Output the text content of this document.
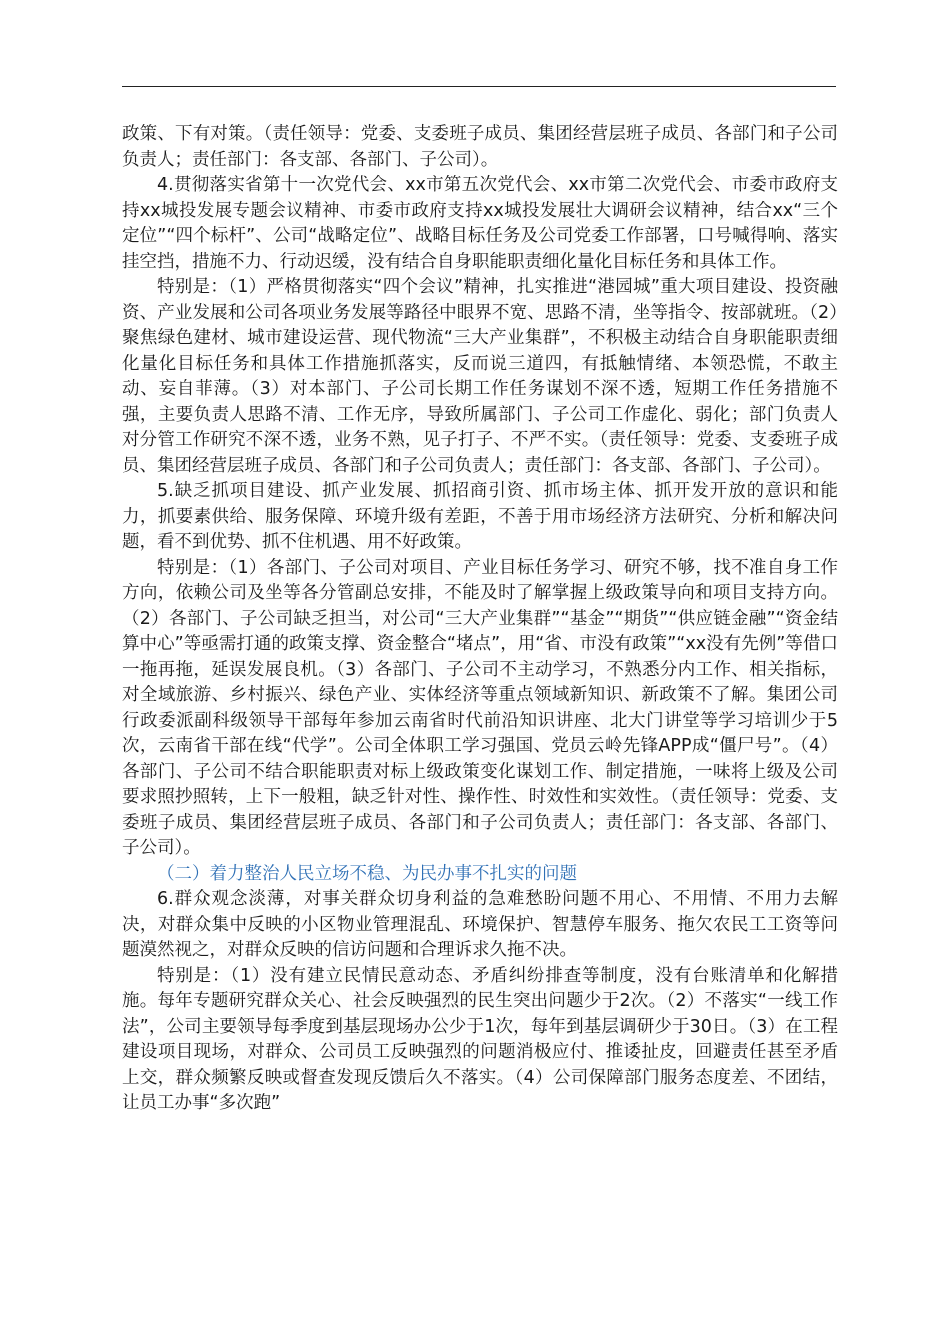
政策、下有对策。（责任领导：党委、支委班子成员、集团经营层班子成员、各部门和子公司负责人；责任部门：各支部、各部门、子公司）。

4.贯彻落实省第十一次党代会、xx市第五次党代会、xx市第二次党代会、市委市政府支持xx城投发展专题会议精神、市委市政府支持xx城投发展壮大调研会议精神，结合xx“三个定位”“四个标杆”、公司“战略定位”、战略目标任务及公司党委工作部署，口号喊得响、落实挂空挡，措施不力、行动迟缓，没有结合自身职能职责细化量化目标任务和具体工作。

特别是：（1）严格贯彻落实“四个会议”精神，扎实推进“港园城”重大项目建设、投资融资、产业发展和公司各项业务发展等路径中眼界不宽、思路不清，坐等指令、按部就班。（2）聚焦绿色建材、城市建设运营、现代物流“三大产业集群”，不积极主动结合自身职能职责细化量化目标任务和具体工作措施抓落实，反而说三道四，有抵触情绪、本领恐慌，不敢主动、妄自菲薄。（3）对本部门、子公司长期工作任务谋划不深不透，短期工作任务措施不强，主要负责人思路不清、工作无序，导致所属部门、子公司工作虚化、弱化；部门负责人对分管工作研究不深不透，业务不熟，见子打子、不严不实。（责任领导：党委、支委班子成员、集团经营层班子成员、各部门和子公司负责人；责任部门：各支部、各部门、子公司）。

5.缺乏抓项目建设、抓产业发展、抓招商引资、抓市场主体、抓开发开放的意识和能力，抓要素供给、服务保障、环境升级有差距，不善于用市场经济方法研究、分析和解决问题，看不到优势、抓不住机遇、用不好政策。

特别是：（1）各部门、子公司对项目、产业目标任务学习、研究不够，找不准自身工作方向，依赖公司及坐等各分管副总安排，不能及时了解掌握上级政策导向和项目支持方向。（2）各部门、子公司缺乏担当，对公司“三大产业集群”“基金”“期货”“供应链金融”“资金结算中心”等亟需打通的政策支撑、资金整合“堵点”，用“省、市没有政策”“xx没有先例”等借口一拖再拖，延误发展良机。（3）各部门、子公司不主动学习，不熟悉分内工作、相关指标，对全域旅游、乡村振兴、绿色产业、实体经济等重点领域新知识、新政策不了解。集团公司行政委派副科级领导干部每年参加云南省时代前沿知识讲座、北大门讲堂等学习培训少于5次，云南省干部在线“代学”。公司全体职工学习强国、党员云岭先锋APP成“僵尸号”。（4）各部门、子公司不结合职能职责对标上级政策变化谋划工作、制定措施，一味将上级及公司要求照抄照转，上下一般粗，缺乏针对性、操作性、时效性和实效性。（责任领导：党委、支委班子成员、集团经营层班子成员、各部门和子公司负责人；责任部门：各支部、各部门、子公司）。

（二）着力整治人民立场不稳、为民办事不扎实的问题

6.群众观念淡薄，对事关群众切身利益的急难愁盼问题不用心、不用情、不用力去解决，对群众集中反映的小区物业管理混乱、环境保护、智慧停车服务、拖欠农民工工资等问题漠然视之，对群众反映的信访问题和合理诉求久拖不决。

特别是：（1）没有建立民情民意动态、矛盾纠纷排查等制度，没有台账清单和化解措施。每年专题研究群众关心、社会反映强烈的民生突出问题少于2次。（2）不落实“一线工作法”，公司主要领导每季度到基层现场办公少于1次，每年到基层调研少于30日。（3）在工程建设项目现场，对群众、公司员工反映强烈的问题消极应付、推诿扯皮，回避责任甚至矛盾上交，群众频繁反映或督查发现反馈后久不落实。（4）公司保障部门服务态度差、不团结，让员工办事“多次跑”
